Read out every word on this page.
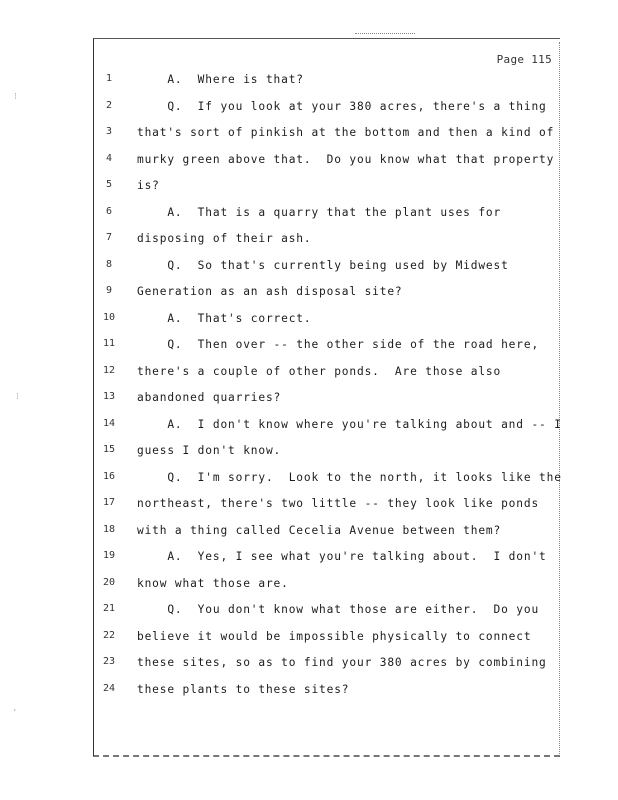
⁝
⁝
·
Page 115
1	A.  Where is that?
2	Q.  If you look at your 380 acres, there's a thing
3	that's sort of pinkish at the bottom and then a kind of
4	murky green above that.  Do you know what that property
5	is?
6	A.  That is a quarry that the plant uses for
7	disposing of their ash.
8	Q.  So that's currently being used by Midwest
9	Generation as an ash disposal site?
10	A.  That's correct.
11	Q.  Then over -- the other side of the road here,
12	there's a couple of other ponds.  Are those also
13	abandoned quarries?
14	A.  I don't know where you're talking about and -- I
15	guess I don't know.
16	Q.  I'm sorry.  Look to the north, it looks like the
17	northeast, there's two little -- they look like ponds
18	with a thing called Cecelia Avenue between them?
19	A.  Yes, I see what you're talking about.  I don't
20	know what those are.
21	Q.  You don't know what those are either.  Do you
22	believe it would be impossible physically to connect
23	these sites, so as to find your 380 acres by combining
24	these plants to these sites?
